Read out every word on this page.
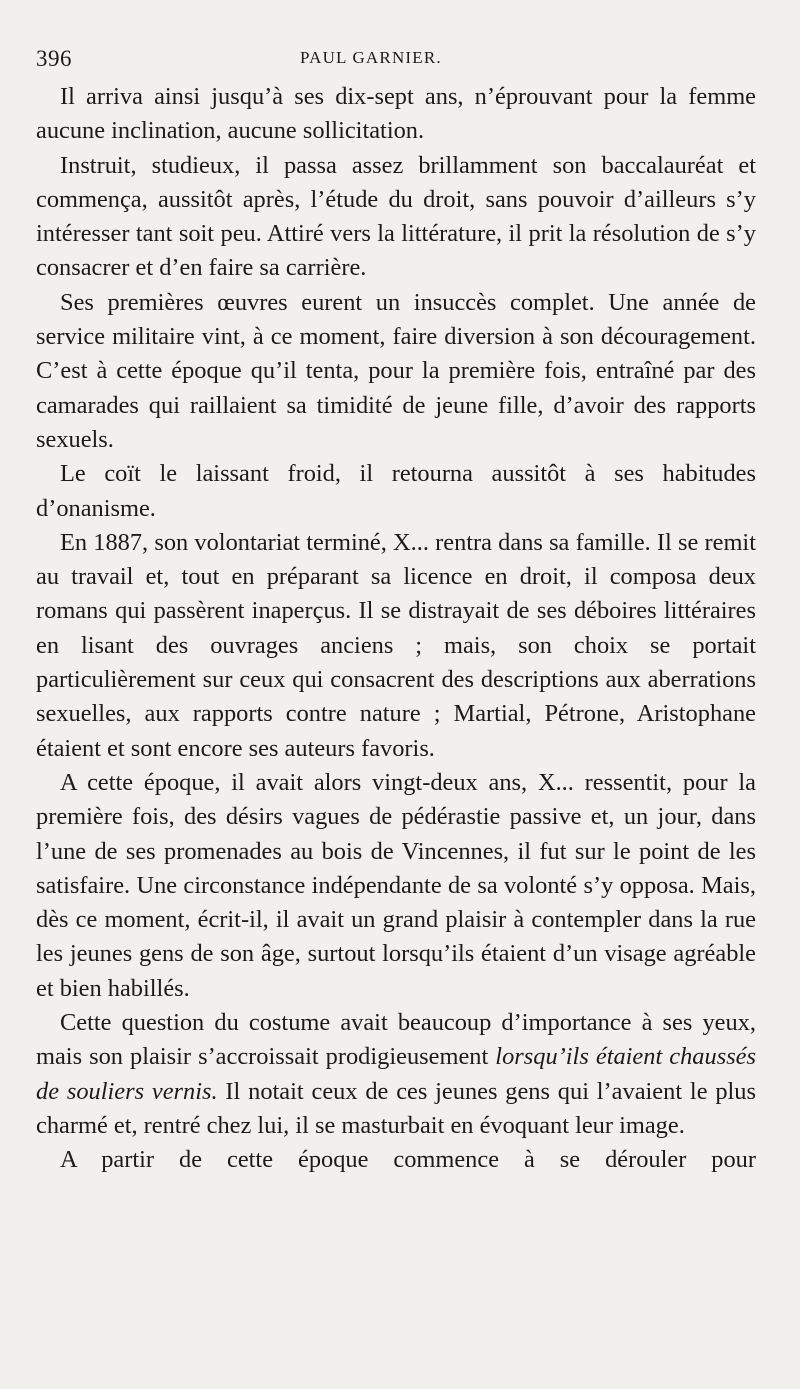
396	PAUL GARNIER.

Il arriva ainsi jusqu’à ses dix-sept ans, n’éprouvant pour la femme aucune inclination, aucune sollicitation.

Instruit, studieux, il passa assez brillamment son baccalauréat et commença, aussitôt après, l’étude du droit, sans pouvoir d’ailleurs s’y intéresser tant soit peu. Attiré vers la littérature, il prit la résolution de s’y consacrer et d’en faire sa carrière.

Ses premières œuvres eurent un insuccès complet. Une année de service militaire vint, à ce moment, faire diversion à son découragement. C’est à cette époque qu’il tenta, pour la première fois, entraîné par des camarades qui raillaient sa timidité de jeune fille, d’avoir des rapports sexuels.

Le coït le laissant froid, il retourna aussitôt à ses habitudes d’onanisme.

En 1887, son volontariat terminé, X... rentra dans sa famille. Il se remit au travail et, tout en préparant sa licence en droit, il composa deux romans qui passèrent inaperçus. Il se distrayait de ses déboires littéraires en lisant des ouvrages anciens ; mais, son choix se portait particulièrement sur ceux qui consacrent des descriptions aux aberrations sexuelles, aux rapports contre nature ; Martial, Pétrone, Aristophane étaient et sont encore ses auteurs favoris.

A cette époque, il avait alors vingt-deux ans, X... ressentit, pour la première fois, des désirs vagues de pédérastie passive et, un jour, dans l’une de ses promenades au bois de Vincennes, il fut sur le point de les satisfaire. Une circonstance indépendante de sa volonté s’y opposa. Mais, dès ce moment, écrit-il, il avait un grand plaisir à contempler dans la rue les jeunes gens de son âge, surtout lorsqu’ils étaient d’un visage agréable et bien habillés.

Cette question du costume avait beaucoup d’importance à ses yeux, mais son plaisir s’accroissait prodigieusement lorsqu’ils étaient chaussés de souliers vernis. Il notait ceux de ces jeunes gens qui l’avaient le plus charmé et, rentré chez lui, il se masturbait en évoquant leur image.

A partir de cette époque commence à se dérouler pour
